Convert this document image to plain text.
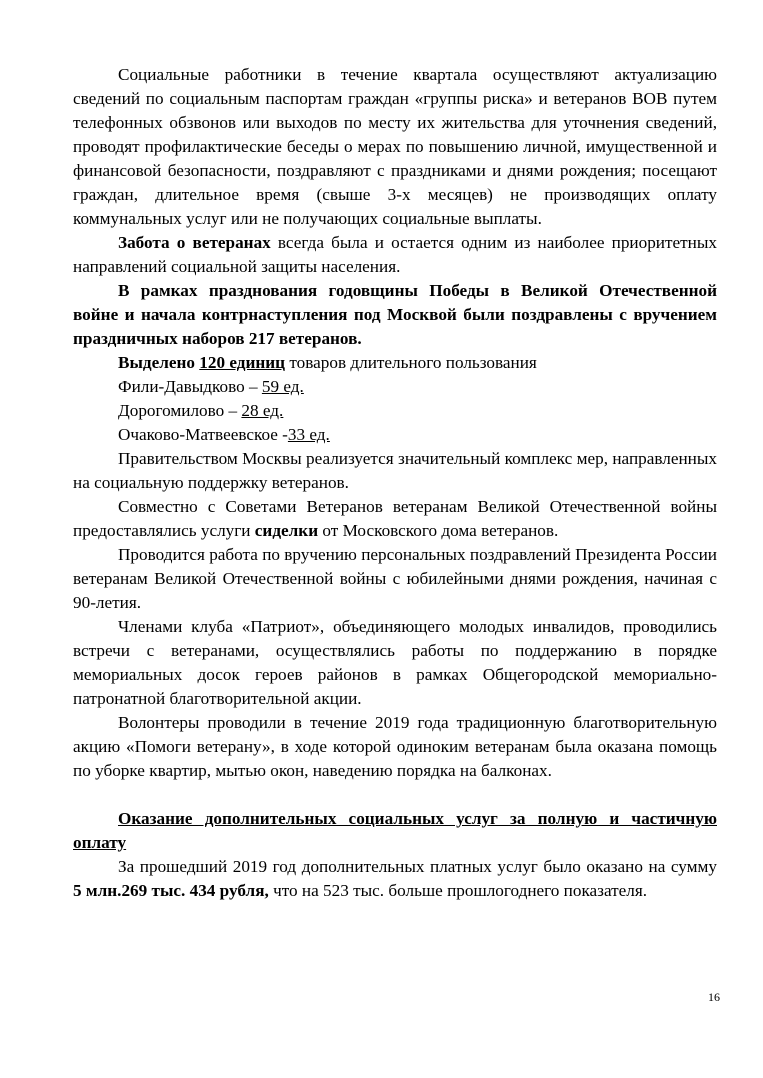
Социальные работники в течение квартала осуществляют актуализацию сведений по социальным паспортам граждан «группы риска» и ветеранов ВОВ путем телефонных обзвонов или выходов по месту их жительства для уточнения сведений, проводят профилактические беседы о мерах по повышению личной, имущественной и финансовой безопасности, поздравляют с праздниками и днями рождения; посещают граждан, длительное время (свыше 3-х месяцев) не производящих оплату коммунальных услуг или не получающих социальные выплаты.

Забота о ветеранах всегда была и остается одним из наиболее приоритетных направлений социальной защиты населения.

В рамках празднования годовщины Победы в Великой Отечественной войне и начала контрнаступления под Москвой были поздравлены с вручением праздничных наборов 217 ветеранов.

Выделено 120 единиц товаров длительного пользования

Фили-Давыдково – 59 ед.

Дорогомилово – 28 ед.

Очаково-Матвеевское -33 ед.

Правительством Москвы реализуется значительный комплекс мер, направленных на социальную поддержку ветеранов.

Совместно с Советами Ветеранов ветеранам Великой Отечественной войны предоставлялись услуги сиделки от Московского дома ветеранов.

Проводится работа по вручению персональных поздравлений Президента России ветеранам Великой Отечественной войны с юбилейными днями рождения, начиная с 90-летия.

Членами клуба «Патриот», объединяющего молодых инвалидов, проводились встречи с ветеранами, осуществлялись работы по поддержанию в порядке мемориальных досок героев районов в рамках Общегородской мемориально-патронатной благотворительной акции.

Волонтеры проводили в течение 2019 года традиционную благотворительную акцию «Помоги ветерану», в ходе которой одиноким ветеранам была оказана помощь по уборке квартир, мытью окон, наведению порядка на балконах.

Оказание дополнительных социальных услуг за полную и частичную оплату

За прошедший 2019 год дополнительных платных услуг было оказано на сумму 5 млн.269 тыс. 434 рубля, что на 523 тыс. больше прошлогоднего показателя.

16
